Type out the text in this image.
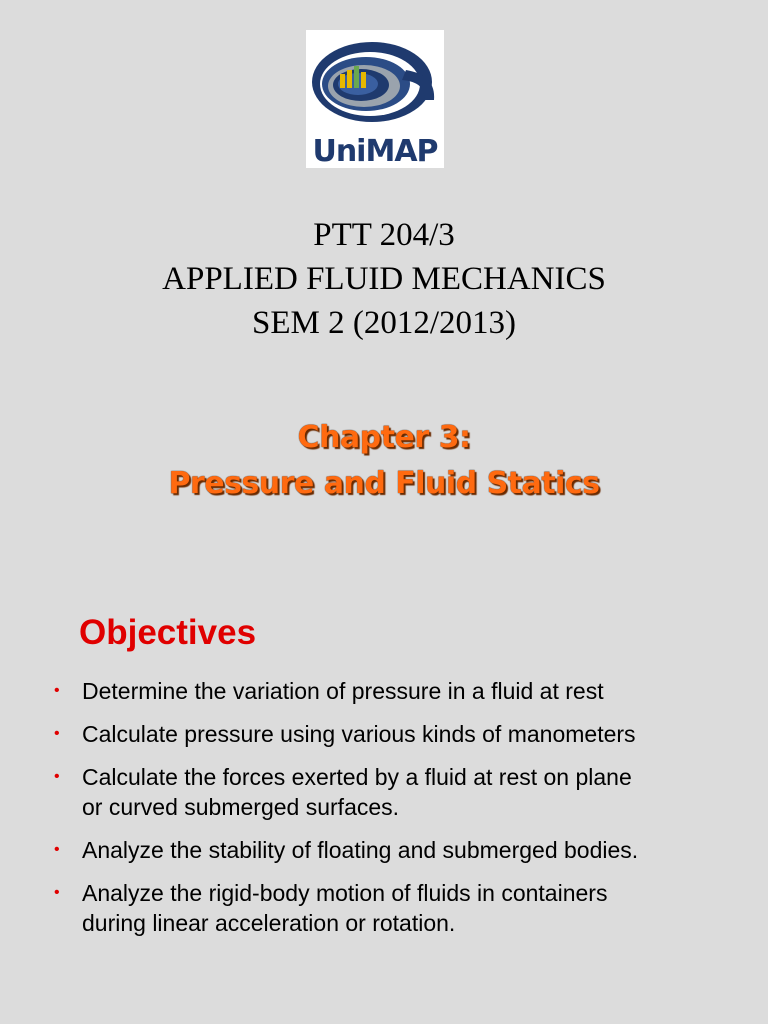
UniMAP
PTT 204/3
APPLIED FLUID MECHANICS
SEM 2 (2012/2013)
Chapter 3:
Pressure and Fluid Statics
Objectives
• Determine the variation of pressure in a fluid at rest
• Calculate pressure using various kinds of manometers
• Calculate the forces exerted by a fluid at rest on plane or curved submerged surfaces.
• Analyze the stability of floating and submerged bodies.
• Analyze the rigid-body motion of fluids in containers during linear acceleration or rotation.
